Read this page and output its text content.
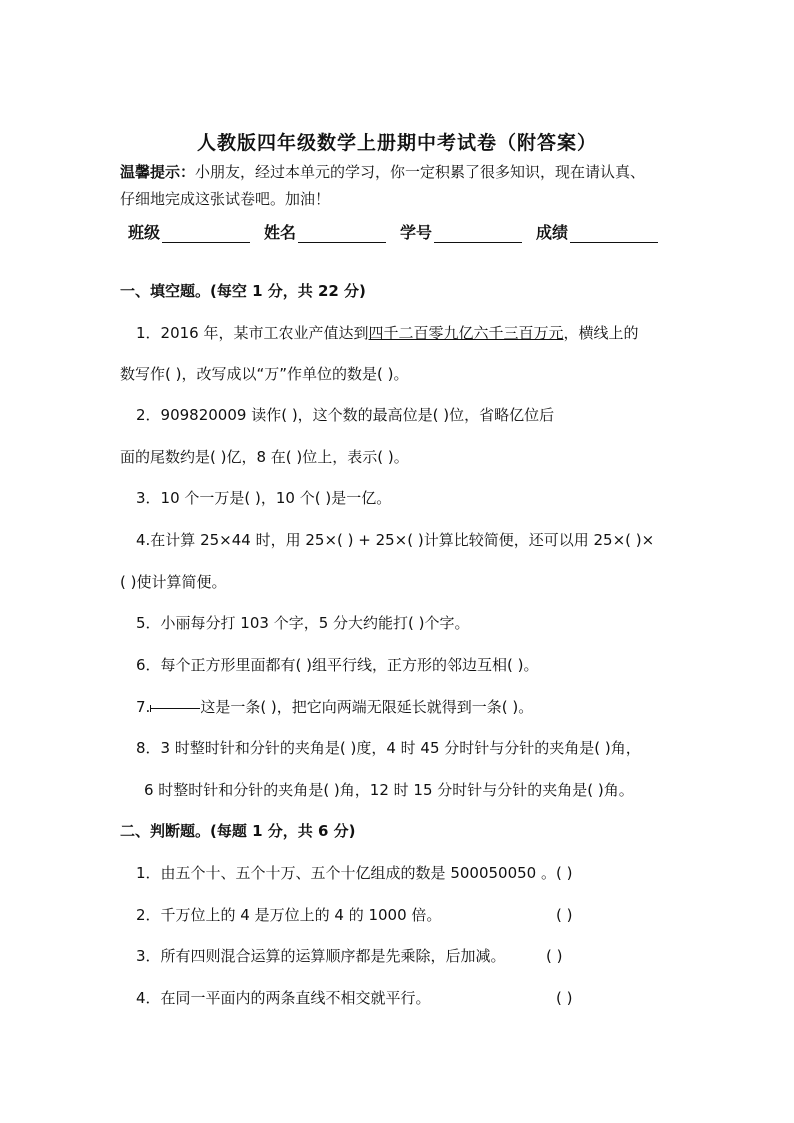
人教版四年级数学上册期中考试卷（附答案）
温馨提示：小朋友，经过本单元的学习，你一定积累了很多知识，现在请认真、
仔细地完成这张试卷吧。加油！
班级	姓名	学号	成绩
一、填空题。(每空 1 分，共 22 分)
1．2016 年，某市工农业产值达到四千二百零九亿六千三百万元，横线上的
数写作( )，改写成以“万”作单位的数是( )。
2．909820009 读作( )，这个数的最高位是( )位，省略亿位后
面的尾数约是( )亿，8 在( )位上，表示( )。
3．10 个一万是( )，10 个( )是一亿。
4.在计算 25×44 时，用 25×( ) + 25×( )计算比较简便，还可以用 25×( )×
( )使计算简便。
5．小丽每分打 103 个字，5 分大约能打( )个字。
6．每个正方形里面都有( )组平行线，正方形的邻边互相( )。
7.	这是一条( )，把它向两端无限延长就得到一条( )。
8．3 时整时针和分针的夹角是( )度，4 时 45 分时针与分针的夹角是( )角，
6 时整时针和分针的夹角是( )角，12 时 15 分时针与分针的夹角是( )角。
二、判断题。(每题 1 分，共 6 分)
1．由五个十、五个十万、五个十亿组成的数是 500050050 。( )
2．千万位上的 4 是万位上的 4 的 1000 倍。	( )
3．所有四则混合运算的运算顺序都是先乘除，后加减。	( )
4．在同一平面内的两条直线不相交就平行。	( )
